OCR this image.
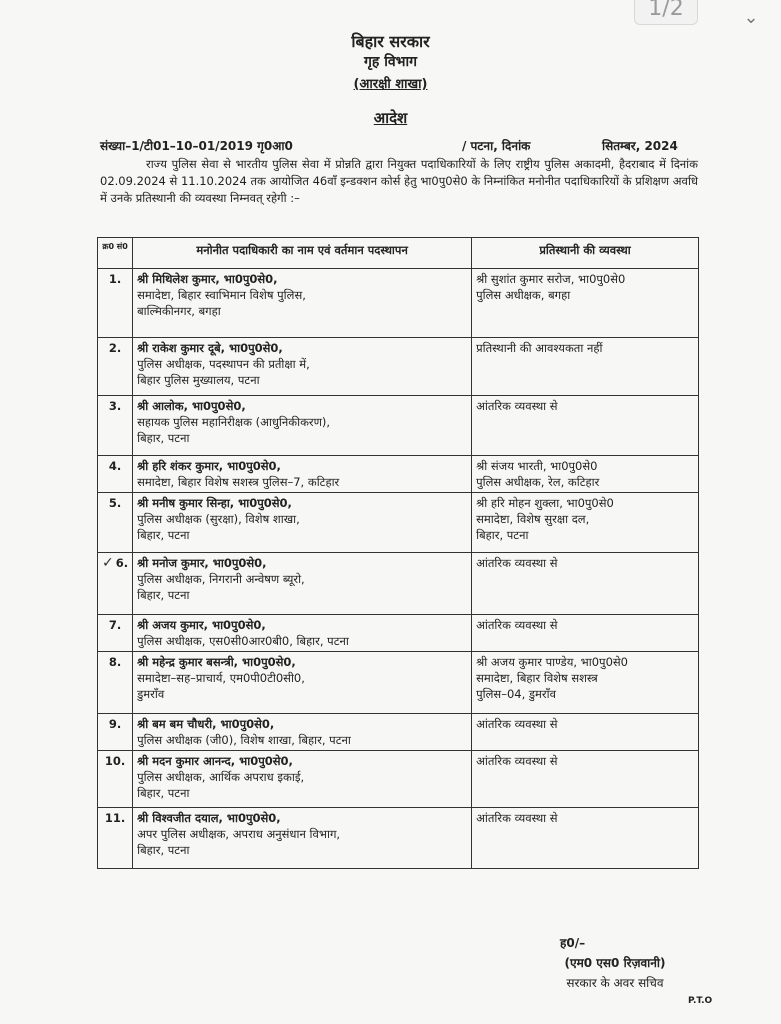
1/2	⌄
बिहार सरकार
गृह विभाग
(आरक्षी शाखा)
आदेश
संख्या–1/टी01–10–01/2019 गृ0आ0	/ पटना, दिनांक	सितम्बर, 2024

राज्य पुलिस सेवा से भारतीय पुलिस सेवा में प्रोन्नति द्वारा नियुक्त पदाधिकारियों के लिए राष्ट्रीय पुलिस अकादमी, हैदराबाद में दिनांक 02.09.2024 से 11.10.2024 तक आयोजित 46वाँ इन्डक्शन कोर्स हेतु भा0पु0से0 के निम्नांकित मनोनीत पदाधिकारियों के प्रशिक्षण अवधि में उनके प्रतिस्थानी की व्यवस्था निम्नवत् रहेगी :–

क्र0 सं0	मनोनीत पदाधिकारी का नाम एवं वर्तमान पदस्थापन	प्रतिस्थानी की व्यवस्था
1.	श्री मिथिलेश कुमार, भा0पु0से0,
समादेष्टा, बिहार स्वाभिमान विशेष पुलिस,
बाल्मिकीनगर, बगहा	श्री सुशांत कुमार सरोज, भा0पु0से0
पुलिस अधीक्षक, बगहा

2.	श्री राकेश कुमार दूबे, भा0पु0से0,
पुलिस अधीक्षक, पदस्थापन की प्रतीक्षा में,
बिहार पुलिस मुख्यालय, पटना	प्रतिस्थानी की आवश्यकता नहीं

3.	श्री आलोक, भा0पु0से0,
सहायक पुलिस महानिरीक्षक (आधुनिकीकरण),
बिहार, पटना	आंतरिक व्यवस्था से

4.	श्री हरि शंकर कुमार, भा0पु0से0,
समादेष्टा, बिहार विशेष सशस्त्र पुलिस–7, कटिहार	श्री संजय भारती, भा0पु0से0
पुलिस अधीक्षक, रेल, कटिहार

5.	श्री मनीष कुमार सिन्हा, भा0पु0से0,
पुलिस अधीक्षक (सुरक्षा), विशेष शाखा,
बिहार, पटना	श्री हरि मोहन शुक्ला, भा0पु0से0
समादेष्टा, विशेष सुरक्षा दल,
बिहार, पटना

✓ 6.	श्री मनोज कुमार, भा0पु0से0,
पुलिस अधीक्षक, निगरानी अन्वेषण ब्यूरो,
बिहार, पटना	आंतरिक व्यवस्था से

7.	श्री अजय कुमार, भा0पु0से0,
पुलिस अधीक्षक, एस0सी0आर0बी0, बिहार, पटना	आंतरिक व्यवस्था से

8.	श्री महेन्द्र कुमार बसन्त्री, भा0पु0से0,
समादेष्टा–सह–प्राचार्य, एम0पी0टी0सी0,
डुमराँव	श्री अजय कुमार पाण्डेय, भा0पु0से0
समादेष्टा, बिहार विशेष सशस्त्र
पुलिस–04, डुमराँव

9.	श्री बम बम चौधरी, भा0पु0से0,
पुलिस अधीक्षक (जी0), विशेष शाखा, बिहार, पटना	आंतरिक व्यवस्था से

10.	श्री मदन कुमार आनन्द, भा0पु0से0,
पुलिस अधीक्षक, आर्थिक अपराध इकाई,
बिहार, पटना	आंतरिक व्यवस्था से

11.	श्री विश्वजीत दयाल, भा0पु0से0,
अपर पुलिस अधीक्षक, अपराध अनुसंधान विभाग,
बिहार, पटना	आंतरिक व्यवस्था से
ह0/–
(एम0 एस0 रिज़वानी)
सरकार के अवर सचिव
P.T.O
